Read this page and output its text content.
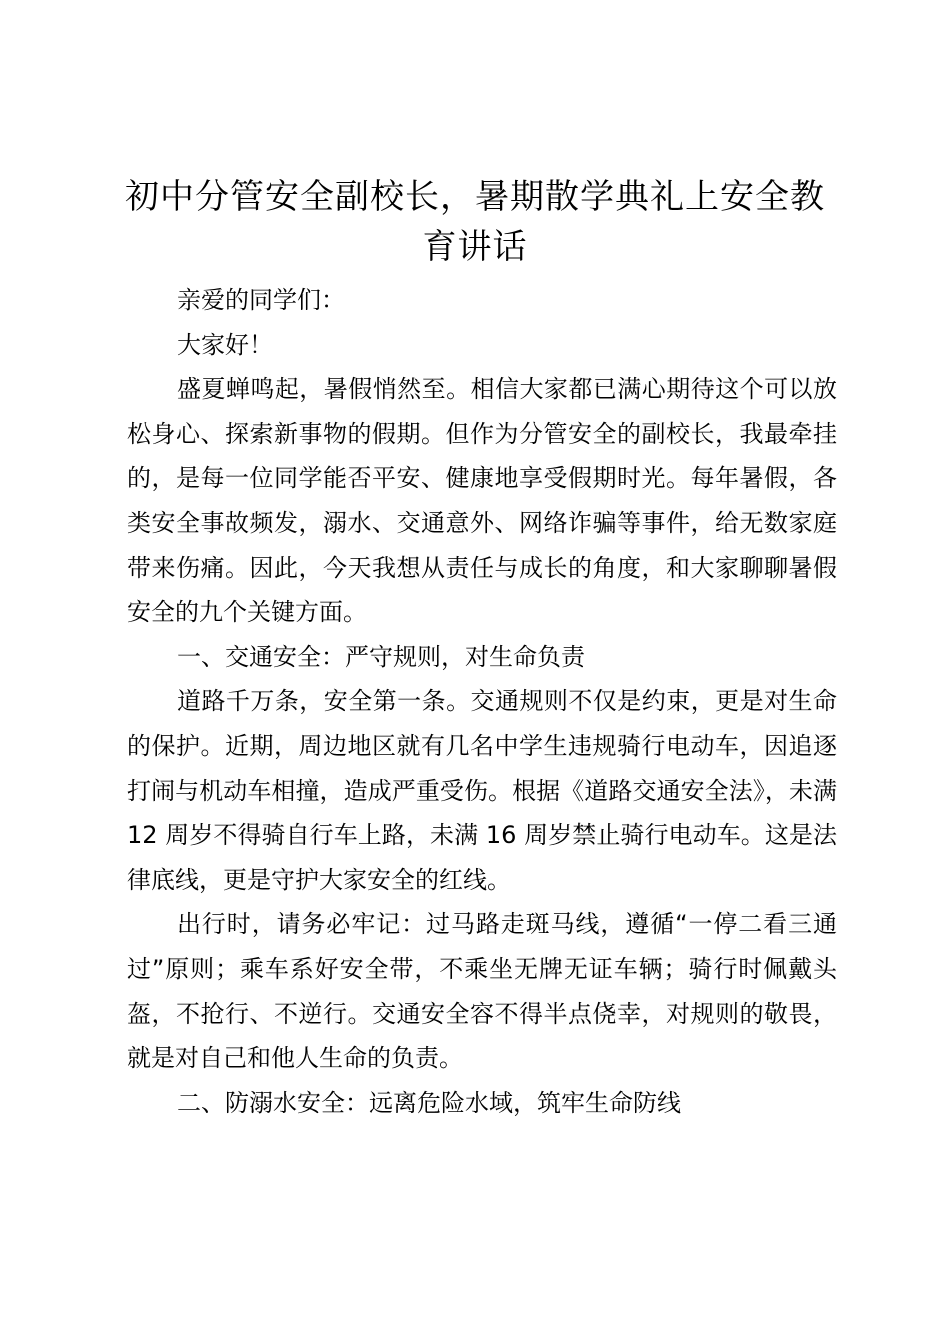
初中分管安全副校长，暑期散学典礼上安全教育讲话

亲爱的同学们：

大家好！

盛夏蝉鸣起，暑假悄然至。相信大家都已满心期待这个可以放松身心、探索新事物的假期。但作为分管安全的副校长，我最牵挂的，是每一位同学能否平安、健康地享受假期时光。每年暑假，各类安全事故频发，溺水、交通意外、网络诈骗等事件，给无数家庭带来伤痛。因此，今天我想从责任与成长的角度，和大家聊聊暑假安全的九个关键方面。

一、交通安全：严守规则，对生命负责

道路千万条，安全第一条。交通规则不仅是约束，更是对生命的保护。近期，周边地区就有几名中学生违规骑行电动车，因追逐打闹与机动车相撞，造成严重受伤。根据《道路交通安全法》，未满 12 周岁不得骑自行车上路，未满 16 周岁禁止骑行电动车。这是法律底线，更是守护大家安全的红线。

出行时，请务必牢记：过马路走斑马线，遵循“一停二看三通过”原则；乘车系好安全带，不乘坐无牌无证车辆；骑行时佩戴头盔，不抢行、不逆行。交通安全容不得半点侥幸，对规则的敬畏，就是对自己和他人生命的负责。

二、防溺水安全：远离危险水域，筑牢生命防线
